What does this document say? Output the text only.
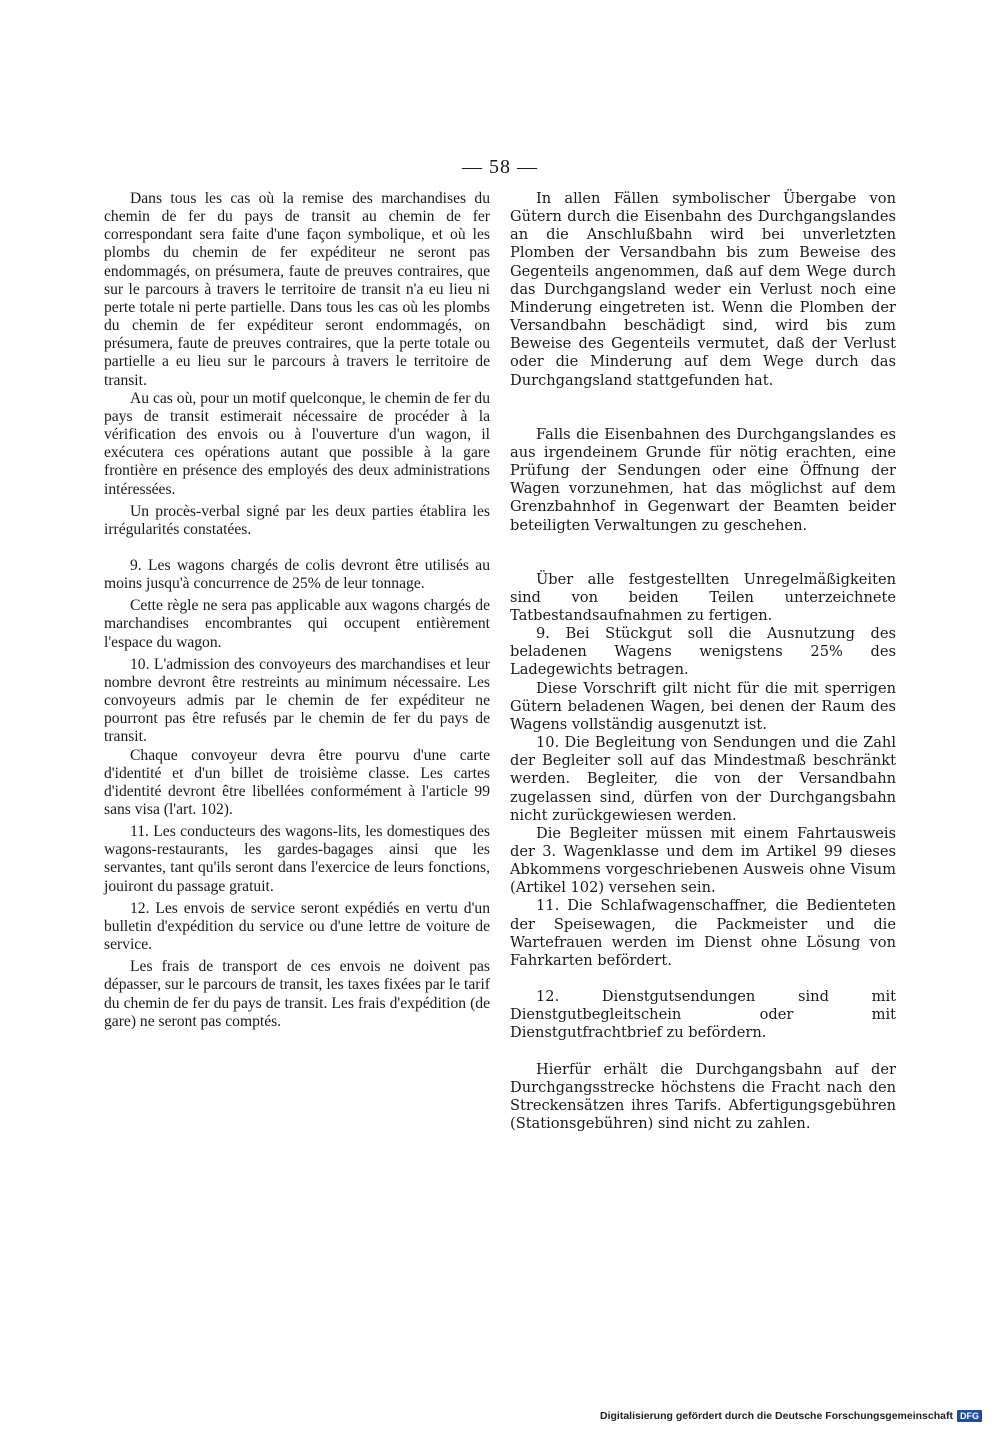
— 58 —

Dans tous les cas où la remise des marchandises du chemin de fer du pays de transit au chemin de fer correspondant sera faite d'une façon symbolique, et où les plombs du chemin de fer expéditeur ne seront pas endommagés, on présumera, faute de preuves contraires, que sur le parcours à travers le territoire de transit n'a eu lieu ni perte totale ni perte partielle. Dans tous les cas où les plombs du chemin de fer expéditeur seront endommagés, on présumera, faute de preuves contraires, que la perte totale ou partielle a eu lieu sur le parcours à travers le territoire de transit.

Au cas où, pour un motif quelconque, le chemin de fer du pays de transit estimerait nécessaire de procéder à la vérification des envois ou à l'ouverture d'un wagon, il exécutera ces opérations autant que possible à la gare frontière en présence des employés des deux administrations intéressées.

Un procès-verbal signé par les deux parties établira les irrégularités constatées.

9. Les wagons chargés de colis devront être utilisés au moins jusqu'à concurrence de 25% de leur tonnage.

Cette règle ne sera pas applicable aux wagons chargés de marchandises encombrantes qui occupent entièrement l'espace du wagon.

10. L'admission des convoyeurs des marchandises et leur nombre devront être restreints au minimum nécessaire. Les convoyeurs admis par le chemin de fer expéditeur ne pourront pas être refusés par le chemin de fer du pays de transit.

Chaque convoyeur devra être pourvu d'une carte d'identité et d'un billet de troisième classe. Les cartes d'identité devront être libellées conformément à l'article 99 sans visa (l'art. 102).

11. Les conducteurs des wagons-lits, les domestiques des wagons-restaurants, les gardes-bagages ainsi que les servantes, tant qu'ils seront dans l'exercice de leurs fonctions, jouiront du passage gratuit.

12. Les envois de service seront expédiés en vertu d'un bulletin d'expédition du service ou d'une lettre de voiture de service.

Les frais de transport de ces envois ne doivent pas dépasser, sur le parcours de transit, les taxes fixées par le tarif du chemin de fer du pays de transit. Les frais d'expédition (de gare) ne seront pas comptés.

In allen Fällen symbolischer Übergabe von Gütern durch die Eisenbahn des Durchgangslandes an die Anschlußbahn wird bei unverletzten Plomben der Versandbahn bis zum Beweise des Gegenteils angenommen, daß auf dem Wege durch das Durchgangsland weder ein Verlust noch eine Minderung eingetreten ist. Wenn die Plomben der Versandbahn beschädigt sind, wird bis zum Beweise des Gegenteils vermutet, daß der Verlust oder die Minderung auf dem Wege durch das Durchgangsland stattgefunden hat.

Falls die Eisenbahnen des Durchgangslandes es aus irgendeinem Grunde für nötig erachten, eine Prüfung der Sendungen oder eine Öffnung der Wagen vorzunehmen, hat das möglichst auf dem Grenzbahnhof in Gegenwart der Beamten beider beteiligten Verwaltungen zu geschehen.

Über alle festgestellten Unregelmäßigkeiten sind von beiden Teilen unterzeichnete Tatbestandsaufnahmen zu fertigen.

9. Bei Stückgut soll die Ausnutzung des beladenen Wagens wenigstens 25% des Ladegewichts betragen.

Diese Vorschrift gilt nicht für die mit sperrigen Gütern beladenen Wagen, bei denen der Raum des Wagens vollständig ausgenutzt ist.

10. Die Begleitung von Sendungen und die Zahl der Begleiter soll auf das Mindestmaß beschränkt werden. Begleiter, die von der Versandbahn zugelassen sind, dürfen von der Durchgangsbahn nicht zurückgewiesen werden.

Die Begleiter müssen mit einem Fahrtausweis der 3. Wagenklasse und dem im Artikel 99 dieses Abkommens vorgeschriebenen Ausweis ohne Visum (Artikel 102) versehen sein.

11. Die Schlafwagenschaffner, die Bedienteten der Speisewagen, die Packmeister und die Wartefrauen werden im Dienst ohne Lösung von Fahrkarten befördert.

12. Dienstgutsendungen sind mit Dienstgutbegleitschein oder mit Dienstgutfrachtbrief zu befördern.

Hierfür erhält die Durchgangsbahn auf der Durchgangsstrecke höchstens die Fracht nach den Streckensätzen ihres Tarifs. Abfertigungsgebühren (Stationsgebühren) sind nicht zu zahlen.

Digitalisierung gefördert durch die Deutsche Forschungsgemeinschaft DFG
